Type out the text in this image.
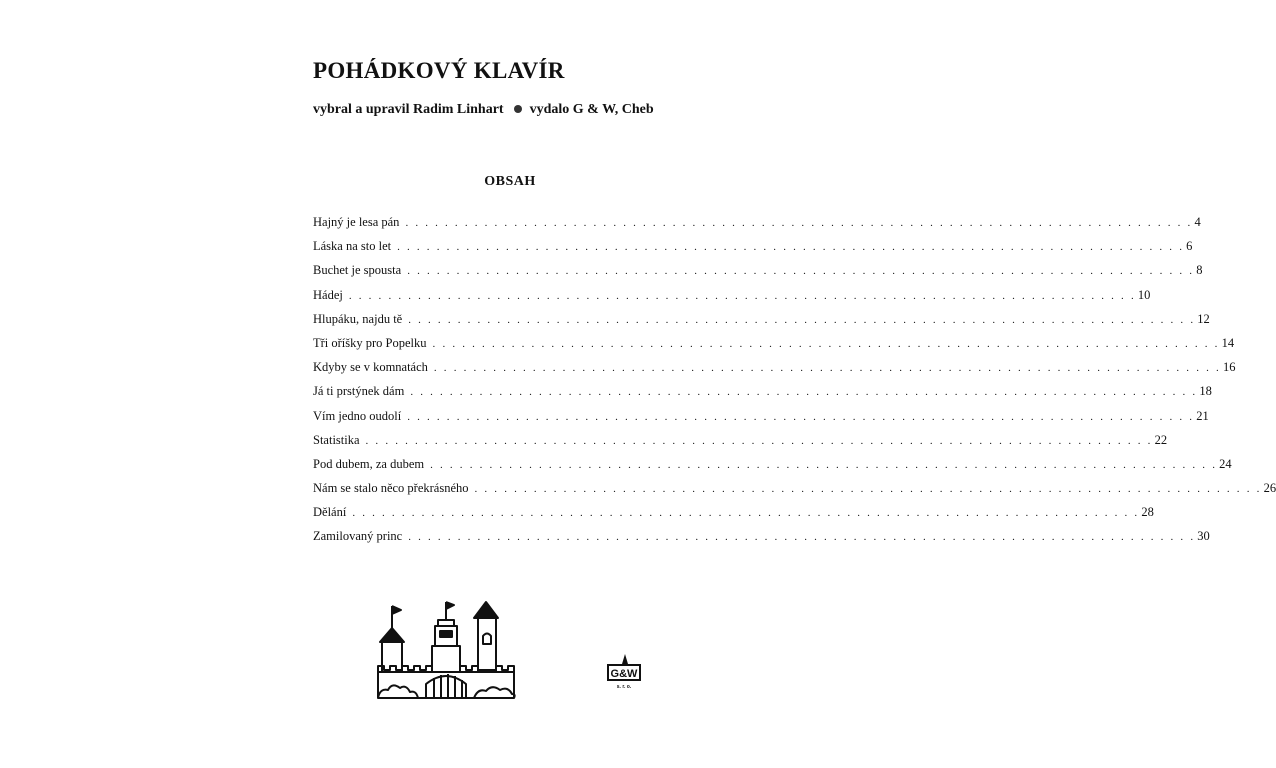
POHÁDKOVÝ KLAVÍR
vybral a upravil Radim Linhart vydalo G & W, Cheb
OBSAH
Hajný je lesa pán . . . . . . . . . . . . . . . . . . . . . . . . . . . . . . . . . . . . . . . . . . . . . . . . . . . . . . . . . . . . . . . . . . . . . . . . . . . . . . . . 4
Láska na sto let . . . . . . . . . . . . . . . . . . . . . . . . . . . . . . . . . . . . . . . . . . . . . . . . . . . . . . . . . . . . . . . . . . . . . . . . . . . . . . . . 6
Buchet je spousta . . . . . . . . . . . . . . . . . . . . . . . . . . . . . . . . . . . . . . . . . . . . . . . . . . . . . . . . . . . . . . . . . . . . . . . . . . . . . . . . 8
Hádej . . . . . . . . . . . . . . . . . . . . . . . . . . . . . . . . . . . . . . . . . . . . . . . . . . . . . . . . . . . . . . . . . . . . . . . . . . . . . . . . 10
Hlupáku, najdu tě . . . . . . . . . . . . . . . . . . . . . . . . . . . . . . . . . . . . . . . . . . . . . . . . . . . . . . . . . . . . . . . . . . . . . . . . . . . . . . . . 12
Tři oříšky pro Popelku . . . . . . . . . . . . . . . . . . . . . . . . . . . . . . . . . . . . . . . . . . . . . . . . . . . . . . . . . . . . . . . . . . . . . . . . . . . . . . . . 14
Kdyby se v komnatách . . . . . . . . . . . . . . . . . . . . . . . . . . . . . . . . . . . . . . . . . . . . . . . . . . . . . . . . . . . . . . . . . . . . . . . . . . . . . . . . 16
Já ti prstýnek dám . . . . . . . . . . . . . . . . . . . . . . . . . . . . . . . . . . . . . . . . . . . . . . . . . . . . . . . . . . . . . . . . . . . . . . . . . . . . . . . . 18
Vím jedno oudolí . . . . . . . . . . . . . . . . . . . . . . . . . . . . . . . . . . . . . . . . . . . . . . . . . . . . . . . . . . . . . . . . . . . . . . . . . . . . . . . . 21
Statistika . . . . . . . . . . . . . . . . . . . . . . . . . . . . . . . . . . . . . . . . . . . . . . . . . . . . . . . . . . . . . . . . . . . . . . . . . . . . . . . . 22
Pod dubem, za dubem . . . . . . . . . . . . . . . . . . . . . . . . . . . . . . . . . . . . . . . . . . . . . . . . . . . . . . . . . . . . . . . . . . . . . . . . . . . . . . . . 24
Nám se stalo něco překrásného . . . . . . . . . . . . . . . . . . . . . . . . . . . . . . . . . . . . . . . . . . . . . . . . . . . . . . . . . . . . . . . . . . . . . . . . . . . . . . . . 26
Dělání . . . . . . . . . . . . . . . . . . . . . . . . . . . . . . . . . . . . . . . . . . . . . . . . . . . . . . . . . . . . . . . . . . . . . . . . . . . . . . . . 28
Zamilovaný princ . . . . . . . . . . . . . . . . . . . . . . . . . . . . . . . . . . . . . . . . . . . . . . . . . . . . . . . . . . . . . . . . . . . . . . . . . . . . . . . . 30
G&W
s. r. o.
